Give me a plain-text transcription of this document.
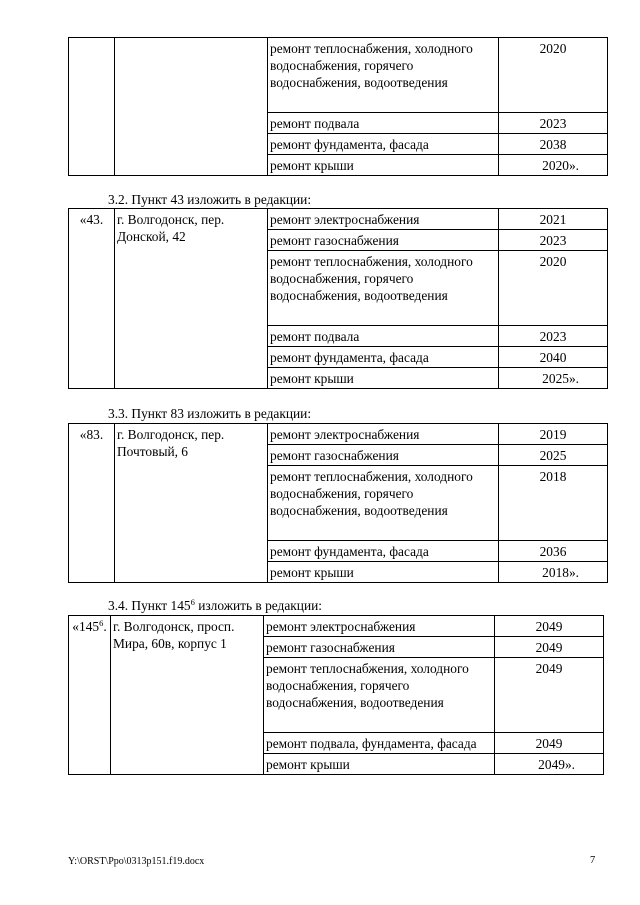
		ремонт теплоснабжения, холодного водоснабжения, горячего водоснабжения, водоотведения	2020
		ремонт подвала	2023
		ремонт фундамента, фасада	2038
		ремонт крыши	2020».
3.2. Пункт 43 изложить в редакции:
«43.	г. Волгодонск, пер. Донской, 42	ремонт электроснабжения	2021
		ремонт газоснабжения	2023
		ремонт теплоснабжения, холодного водоснабжения, горячего водоснабжения, водоотведения	2020
		ремонт подвала	2023
		ремонт фундамента, фасада	2040
		ремонт крыши	2025».
3.3. Пункт 83 изложить в редакции:
«83.	г. Волгодонск, пер. Почтовый, 6	ремонт электроснабжения	2019
		ремонт газоснабжения	2025
		ремонт теплоснабжения, холодного водоснабжения, горячего водоснабжения, водоотведения	2018
		ремонт фундамента, фасада	2036
		ремонт крыши	2018».
3.4. Пункт $145^6$ изложить в редакции:
«$145^6$.	г. Волгодонск, просп. Мира, 60в, корпус 1	ремонт электроснабжения	2049
		ремонт газоснабжения	2049
		ремонт теплоснабжения, холодного водоснабжения, горячего водоснабжения, водоотведения	2049
		ремонт подвала, фундамента, фасада	2049
		ремонт крыши	2049».
Y:\ORST\Ppo\0313p151.f19.docx	7
